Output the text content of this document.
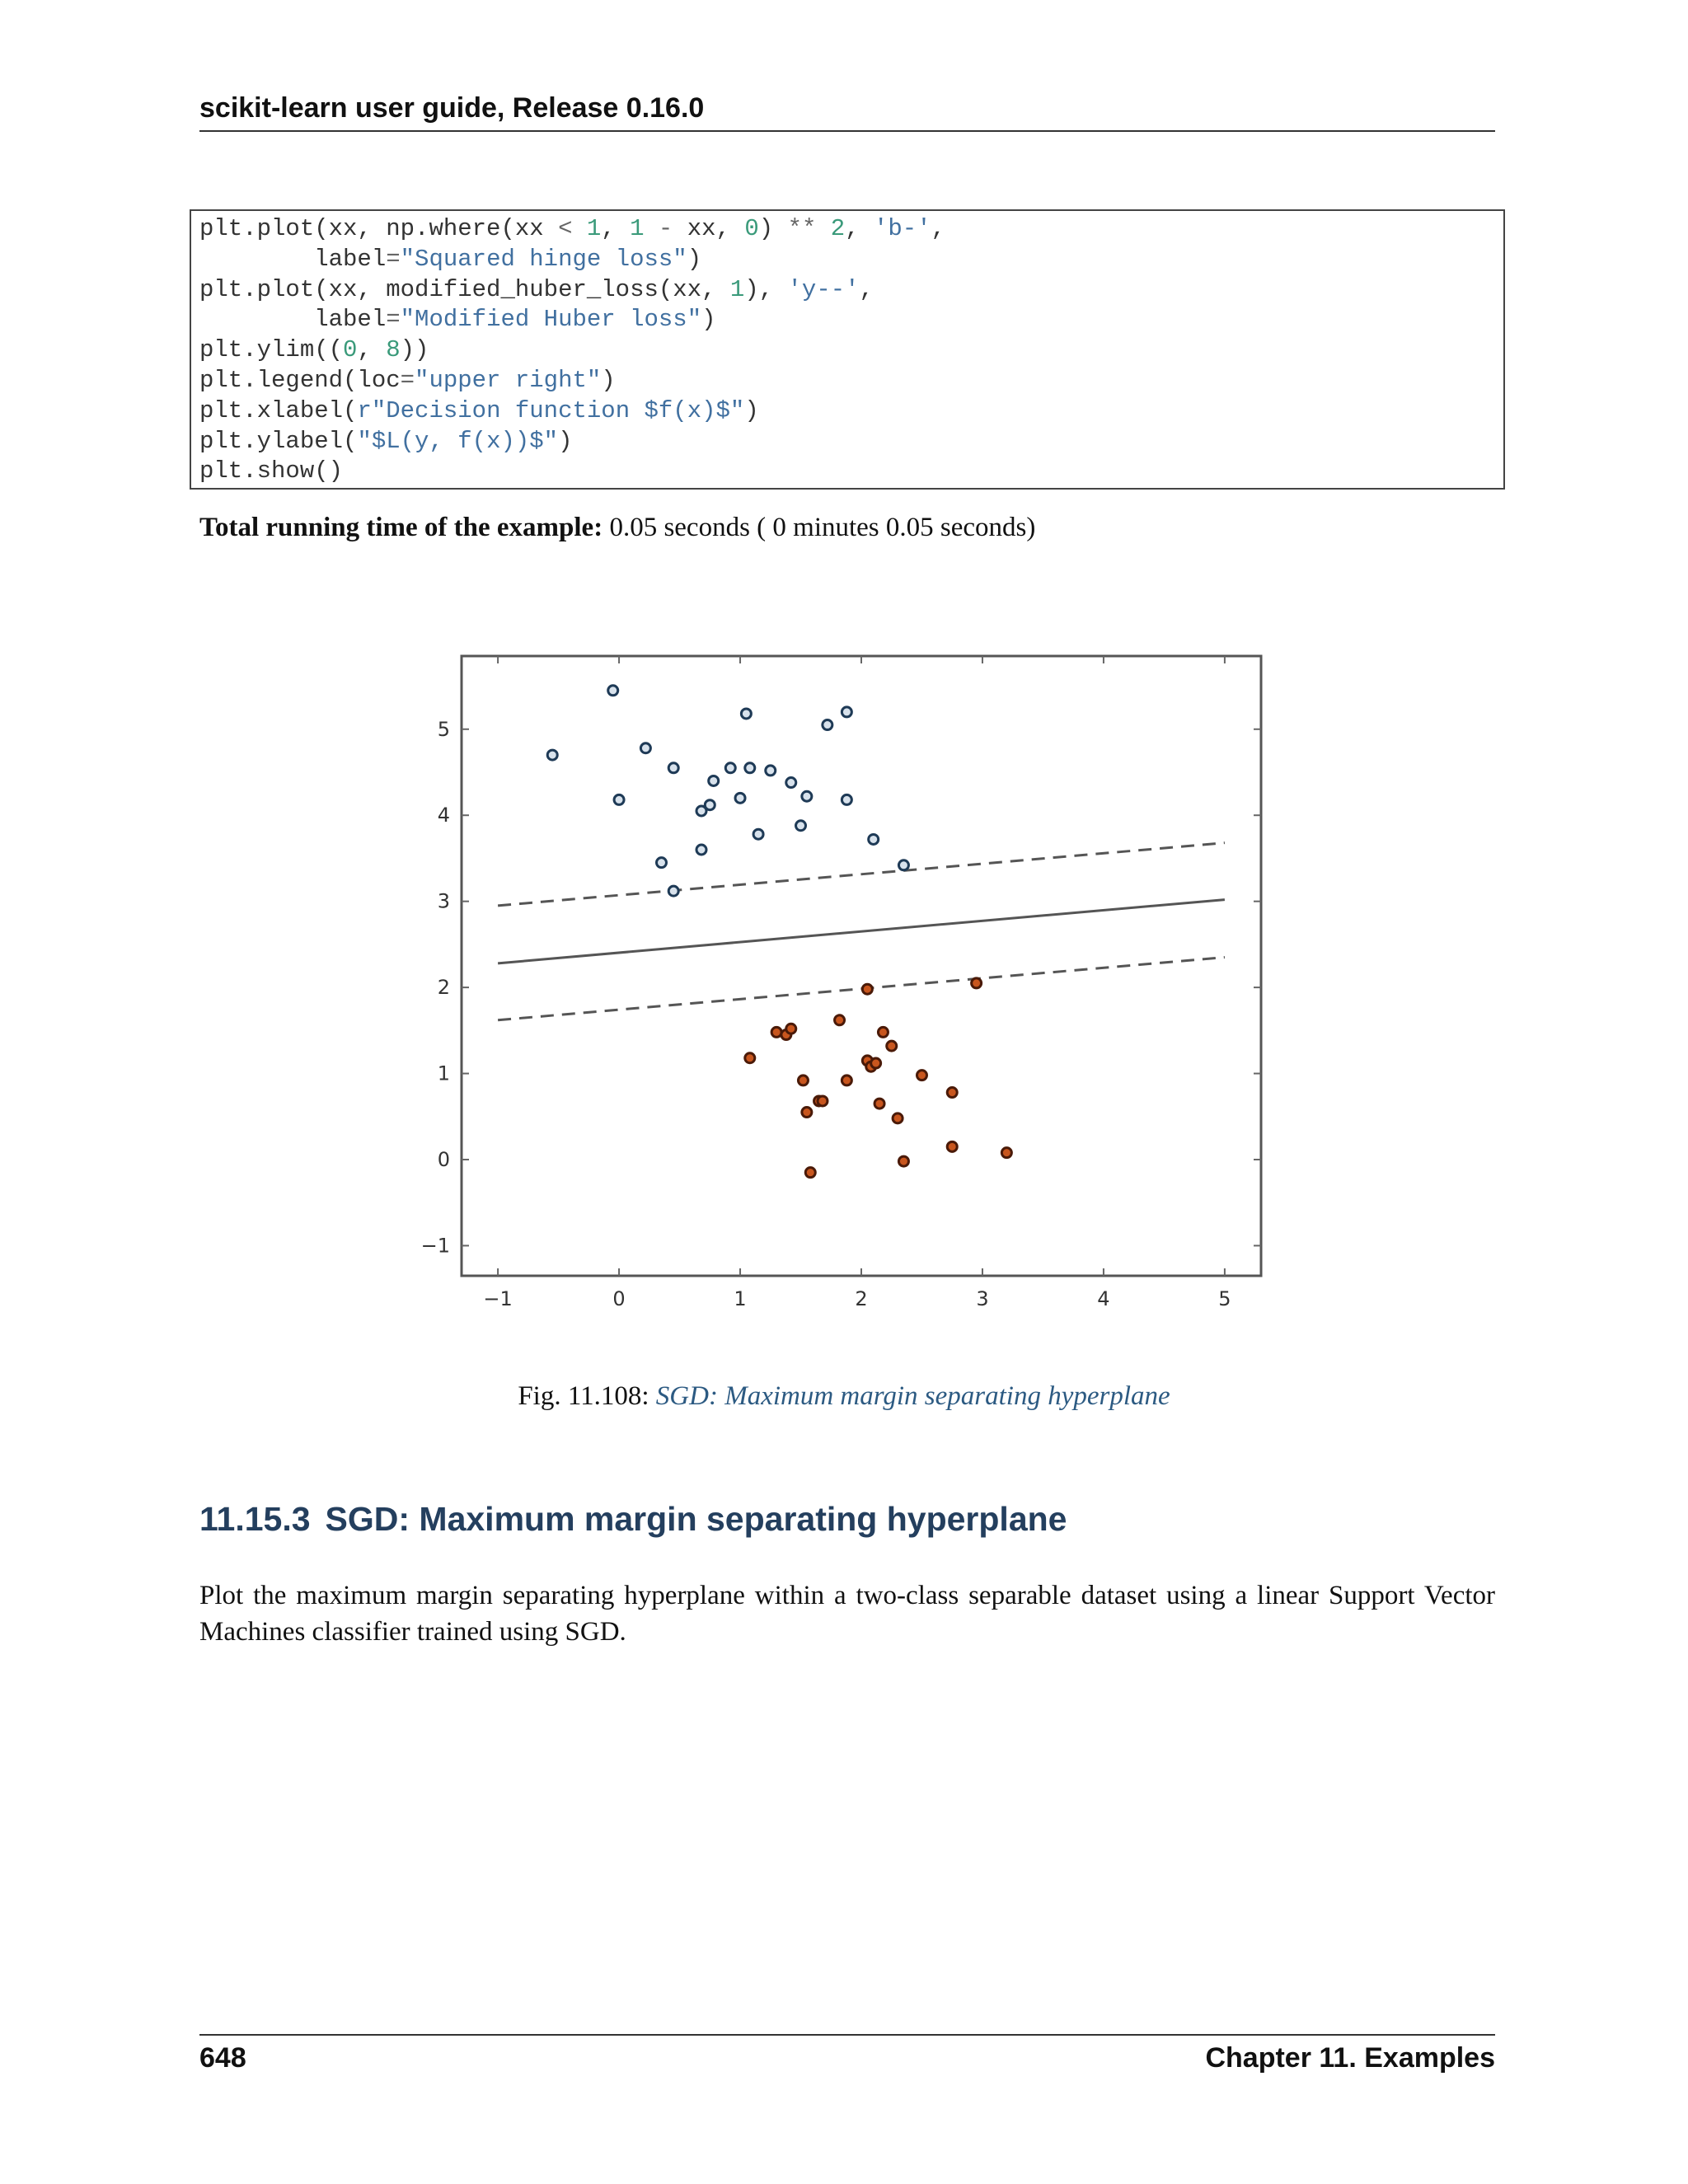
scikit-learn user guide, Release 0.16.0
plt.plot(xx, np.where(xx < 1, 1 - xx, 0) ** 2, 'b-',
label="Squared hinge loss")
plt.plot(xx, modified_huber_loss(xx, 1), 'y--',
label="Modified Huber loss")
plt.ylim((0, 8))
plt.legend(loc="upper right")
plt.xlabel(r"Decision function $f(x)$")
plt.ylabel("$L(y, f(x))$")
plt.show()
Total running time of the example: 0.05 seconds ( 0 minutes 0.05 seconds)
−1	0	1	2	3	4	5
−1
0
1
2
3
4
5
Fig. 11.108: SGD: Maximum margin separating hyperplane
11.15.3 SGD: Maximum margin separating hyperplane
Plot the maximum margin separating hyperplane within a two-class separable dataset using a linear Support Vector Machines classifier trained using SGD.
648	Chapter 11. Examples
